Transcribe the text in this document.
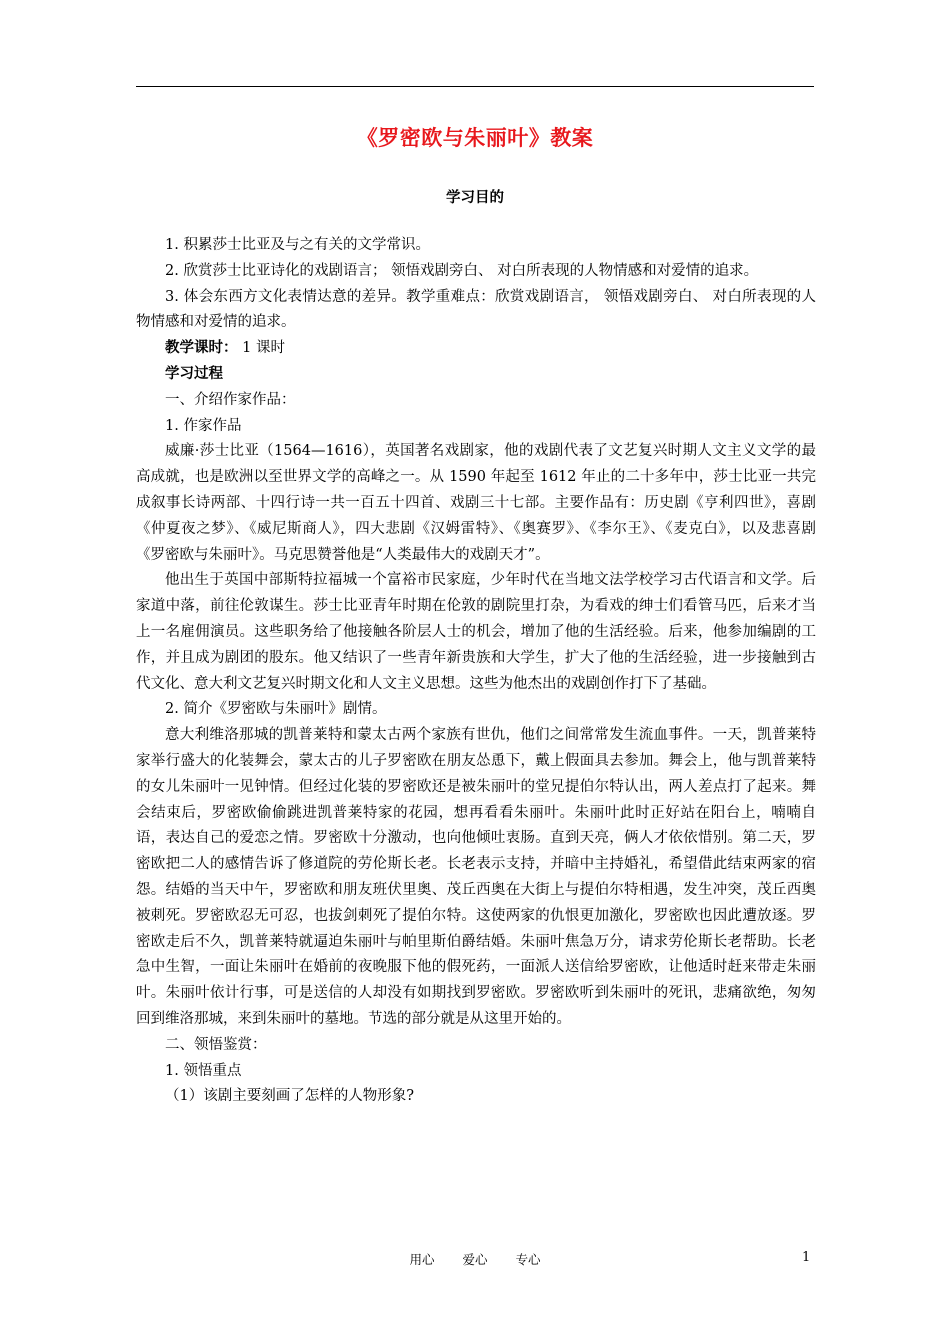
《罗密欧与朱丽叶》教案
学习目的

1. 积累莎士比亚及与之有关的文学常识。

2. 欣赏莎士比亚诗化的戏剧语言； 领悟戏剧旁白、 对白所表现的人物情感和对爱情的追求。

3. 体会东西方文化表情达意的差异。教学重难点：欣赏戏剧语言， 领悟戏剧旁白、 对白所表现的人物情感和对爱情的追求。

教学课时： 1 课时

学习过程

一、介绍作家作品：

1. 作家作品

威廉·莎士比亚（1564—1616），英国著名戏剧家，他的戏剧代表了文艺复兴时期人文主义文学的最高成就，也是欧洲以至世界文学的高峰之一。从 1590 年起至 1612 年止的二十多年中，莎士比亚一共完成叙事长诗两部、十四行诗一共一百五十四首、戏剧三十七部。主要作品有：历史剧《亨利四世》，喜剧《仲夏夜之梦》、《威尼斯商人》，四大悲剧《汉姆雷特》、《奥赛罗》、《李尔王》、《麦克白》，以及悲喜剧《罗密欧与朱丽叶》。马克思赞誉他是“人类最伟大的戏剧天才”。

他出生于英国中部斯特拉福城一个富裕市民家庭，少年时代在当地文法学校学习古代语言和文学。后家道中落，前往伦敦谋生。莎士比亚青年时期在伦敦的剧院里打杂，为看戏的绅士们看管马匹，后来才当上一名雇佣演员。这些职务给了他接触各阶层人士的机会，增加了他的生活经验。后来，他参加编剧的工作，并且成为剧团的股东。他又结识了一些青年新贵族和大学生，扩大了他的生活经验，进一步接触到古代文化、意大利文艺复兴时期文化和人文主义思想。这些为他杰出的戏剧创作打下了基础。

2. 简介《罗密欧与朱丽叶》剧情。

意大利维洛那城的凯普莱特和蒙太古两个家族有世仇，他们之间常常发生流血事件。一天，凯普莱特家举行盛大的化装舞会，蒙太古的儿子罗密欧在朋友怂恿下，戴上假面具去参加。舞会上，他与凯普莱特的女儿朱丽叶一见钟情。但经过化装的罗密欧还是被朱丽叶的堂兄提伯尔特认出，两人差点打了起来。舞会结束后，罗密欧偷偷跳进凯普莱特家的花园，想再看看朱丽叶。朱丽叶此时正好站在阳台上，喃喃自语，表达自己的爱恋之情。罗密欧十分激动，也向他倾吐衷肠。直到天亮，俩人才依依惜别。第二天，罗密欧把二人的感情告诉了修道院的劳伦斯长老。长老表示支持，并暗中主持婚礼，希望借此结束两家的宿怨。结婚的当天中午，罗密欧和朋友班伏里奥、茂丘西奥在大街上与提伯尔特相遇，发生冲突，茂丘西奥被刺死。罗密欧忍无可忍，也拔剑刺死了提伯尔特。这使两家的仇恨更加激化，罗密欧也因此遭放逐。罗密欧走后不久，凯普莱特就逼迫朱丽叶与帕里斯伯爵结婚。朱丽叶焦急万分，请求劳伦斯长老帮助。长老急中生智，一面让朱丽叶在婚前的夜晚服下他的假死药，一面派人送信给罗密欧，让他适时赶来带走朱丽叶。朱丽叶依计行事，可是送信的人却没有如期找到罗密欧。罗密欧听到朱丽叶的死讯，悲痛欲绝，匆匆回到维洛那城，来到朱丽叶的墓地。节选的部分就是从这里开始的。

二、领悟鉴赏：

1. 领悟重点

（1）该剧主要刻画了怎样的人物形象?

用心 爱心 专心	1
